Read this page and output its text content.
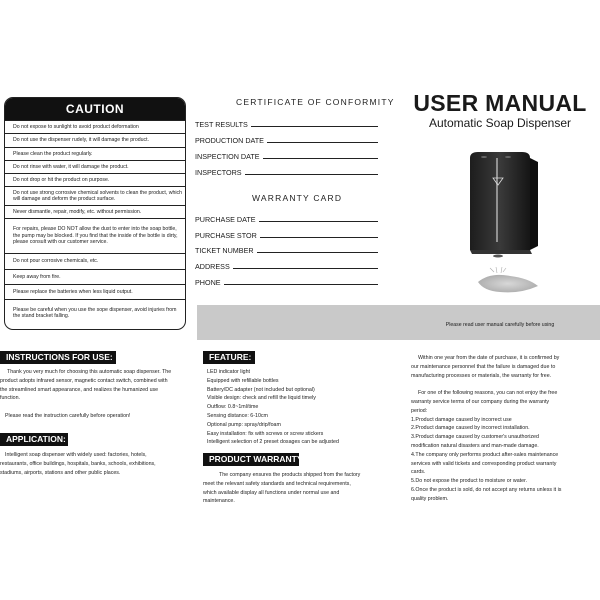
CAUTION
Do not expose to sunlight to avoid product deformation
Do not use the dispenser rudely, it will damage the product.
Please clean the product regularly.
Do not rinse with water, it will damage the product.
Do not drop or hit the product on purpose.
Do not use strong corrosive chemical solvents to clean the product, which will damage and deform the product surface.
Never dismantle, repair, modify, etc. without permission.
For repairs, please DO NOT allow the dust to enter into the soap bottle, the pump may be blocked. If you find that the inside of the bottle is dirty, please consult with our customer service.
Do not pour corrosive chemicals, etc.
Keep away from fire.
Please replace the batteries when less liquid output.
Please be careful when you use the sope dispenser, avoid injuries from the stand bracket falling.
CERTIFICATE OF CONFORMITY
TEST RESULTS
PRODUCTION DATE
INSPECTION DATE
INSPECTORS
WARRANTY CARD
PURCHASE DATE
PURCHASE STOR
TICKET NUMBER
ADDRESS
PHONE
USER MANUAL
Automatic Soap Dispenser
Please read user manual carefully before using
INSTRUCTIONS FOR USE:
Thank you very much for choosing this automatic soap dispenser. The
product adopts infrared sensor, magnetic contact switch, combined with
the streamlined smart appearance, and realizes the humanized use
function.
Please read the instruction carefully before operation!
APPLICATION:
Intelligent soap dispenser with widely used: factories, hotels,
restaurants, office buildings, hospitals, banks, schools, exhibitions,
stadiums, airports, stations and other public places.
FEATURE:
LED indicator light
Equipped with refillable bottles
Battery/DC adapter (not included but optional)
Visible design: check and refill the liquid timely
Outflow: 0.8~1ml/time
Sensing distance: 6-10cm
Optional pump: spray/drip/foam
Easy installation: fix with screws or screw stickers
Intelligent selection of 2 preset dosages can be adjusted
PRODUCT WARRANTY:
The company ensures the products shipped from the factory
meet the relevant safety standards and technical requirements,
which available display all functions under normal use and
maintenance.
Within one year from the date of purchase, it is confirmed by
our maintenance personnel that the failure is damaged due to
manufacturing processes or materials, the warranty for free.
For one of the following reasons, you can not enjoy the free
warranty service terms of our company during the warranty
period:
1.Product damage caused by incorrect use
2.Product damage caused by incorrect installation.
3.Product damage caused by customer's unauthorized
modification natural disasters and man-made damage.
4.The company only performs product after-sales maintenance
services with valid tickets and corresponding product warranty
cards.
5.Do not expose the product to moisture or water.
6.Once the product is sold, do not accept any returns unless it is
quality problem.
